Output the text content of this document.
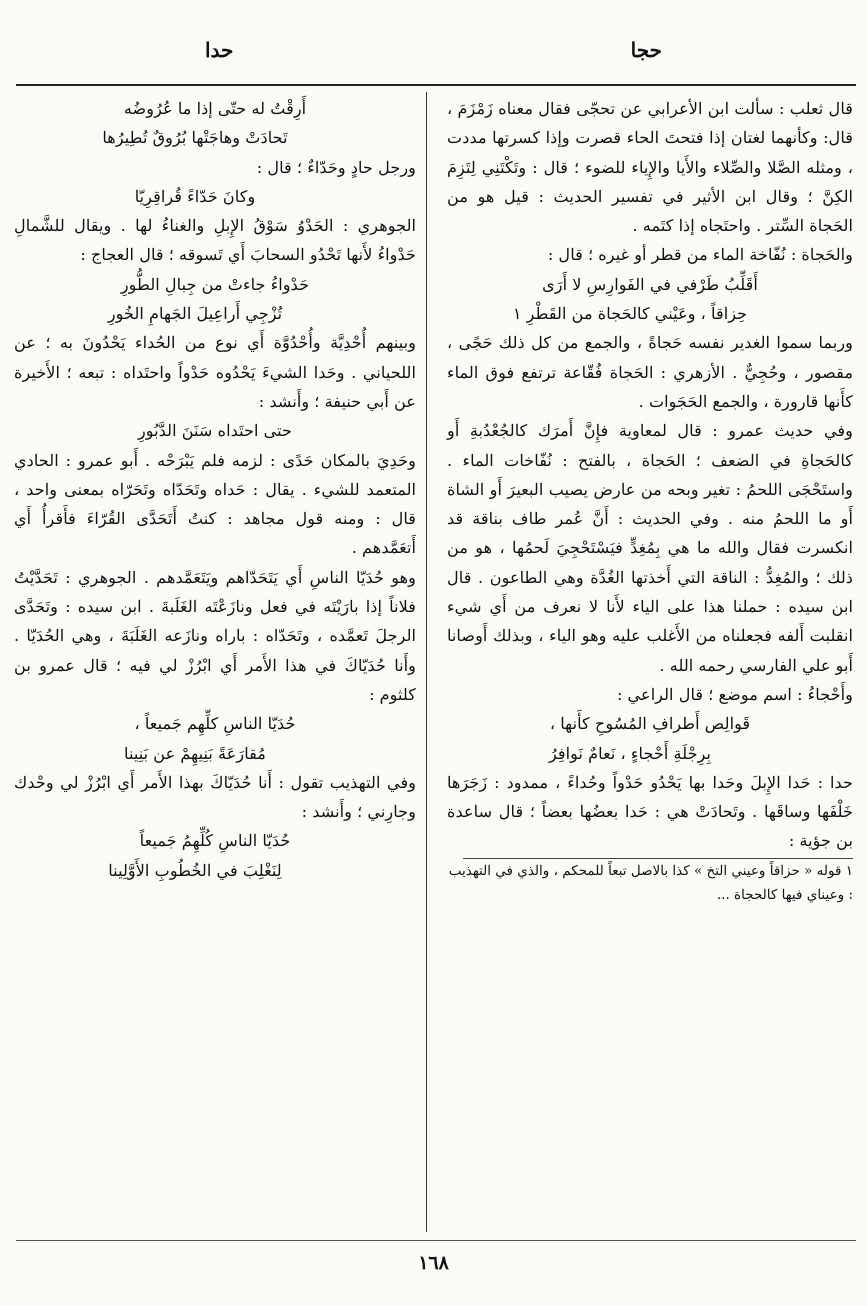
حجا
حدا

قال ثعلب : سألت ابن الأعرابي عن تحجّى فقال معناه زَمْزَمَ ، قال: وكأنهما لغتان إذا فتحتَ الحاء قصرت وإذا كسرتها مددت ، ومثله الصَّلا والصِّلاء والأَيا والإِياء للضوء ؛ قال : وتَكْتَنِي لِتَزِمَ الكِنَّ ؛ وقال ابن الأثير في تفسير الحديث : قيل هو من الحَجاة السِّتر . واحتَجاه إذا كتَمه .

والحَجاة : نُفّاخة الماء من قطر أو غيره ؛ قال :

أَقَلِّبُ طَرْفي في الفَوارِسِ لا أَرَى

حِزاقاً ، وعَيْني كالحَجاة من القَطْرِ ١

وربما سموا الغدير نفسه حَجاةً ، والجمع من كل ذلك حَجًى ، مقصور ، وحُجِيٌّ . الأزهري : الحَجاة فُقّاعة ترتفع فوق الماء كأَنها قارورة ، والجمع الحَجَوات .

وفي حديث عمرو : قال لمعاوية فإِنَّ أَمرَك كالجُعْدُبةِ أَو كالحَجاةِ في الضعف ؛ الحَجاة ، بالفتح : نُفّاخات الماء . واستَحْجَى اللحمُ : تغير وبحه من عارض يصيب البعيرَ أَو الشاة أَو ما اللحمُ منه . وفي الحديث : أَنَّ عُمر طاف بناقة قد انكسرت فقال والله ما هي بِمُغِدٍّ فيَسْتَحْجِيَ لَحمُها ، هو من ذلك ؛ والمُغِدُّ : الناقة التي أَخذتها الغُدَّة وهي الطاعون . قال ابن سيده : حملنا هذا على الياء لأَنا لا نعرف من أَي شيء انقلبت أَلفه فجعلناه من الأَغلب عليه وهو الياء ، وبذلك أَوصانا أَبو علي الفارسي رحمه الله .

وأَحْجاءُ : اسم موضع ؛ قال الراعي :

قَوالِص أَطرافِ المُسُوحِ كأَنها ،

بِرِجْلَةِ أَحْجاءٍ ، نَعامٌ نَوافِرُ

حدا : حَدا الإِبلَ وحَدا بها يَحْدُو حَدْواً وحُداءً ، ممدود : زَجَرَها خَلْفَها وساقَها . وتَحادَتْ هي : حَدا بعضُها بعضاً ؛ قال ساعدة بن جؤية :

١ قوله « حزاقاً وعيني التخ » كذا بالاصل تبعاً للمحكم ، والذي في التهذيب : وعيناي فيها كالحجاة ...

أَرِقْتُ له حتّى إذا ما عُرُوضُه

تَحادَتْ وهاجَتْها بُرُوقٌ تُطِيرُها

ورجل حادٍ وحَدّاءٌ ؛ قال :

وكانَ حَدّاءً قُراقِرِيّا

الجوهري : الحَدْوُ سَوْقُ الإِبلِ والغناءُ لها . ويقال للشَّمالِ حَدْواءُ لأَنها تَحْدُو السحابَ أَي تَسوقه ؛ قال العجاج :

حَدْواءُ جاءتْ من جِبالِ الطُّورِ

تُزْجِي أَراعِيلَ الجَهامِ الخُورِ

وبينهم أُحْدِيَّة وأُحْدُوَّة أَي نوع من الحُداء يَحْدُونَ به ؛ عن اللحياني . وحَدا الشيءَ يَحْدُوه حَدْواً واحتَداه : تبعه ؛ الأَخيرة عن أَبي حنيفة ؛ وأَنشد :

حتى احتَداه سَنَنَ الدَّبُورِ

وحَدِيَ بالمكان حَدًى : لزمه فلم يَبْرَحْه . أَبو عمرو : الحادي المتعمد للشيء . يقال : حَداه وتَحَدّاه وتَحَرّاه بمعنى واحد ، قال : ومنه قول مجاهد : كنتُ أَتَحَدَّى القُرّاءَ فأَقرأُ أَي أَتعَمَّدهم .

وهو حُدَيّا الناسِ أَي يَتَحَدّاهم ويَتَعَمَّدهم . الجوهري : تَحَدَّيْتُ فلاناً إذا بارَيْتَه في فعل ونازَعْتَه الغَلَبةَ . ابن سيده : وتَحَدَّى الرجلَ تَعمَّده ، وتَحَدّاه : باراه ونازَعه الغَلَبَةَ ، وهي الحُدَيّا . وأَنا حُدَيّاكَ في هذا الأَمر أَي ابْرُزْ لي فيه ؛ قال عمرو بن كلثوم :

حُدَيّا الناسِ كلِّهِم جَميعاً ،

مُقارَعَةً بَنِيهِمْ عن بَنِينا

وفي التهذيب تقول : أَنا حُدَيّاكَ بهذا الأَمر أَي ابْرُزْ لي وحْدك وجارِني ؛ وأَنشد :

حُدَيّا الناسِ كُلِّهِمُ جَميعاً

لِنَغْلِبَ في الخُطُوبِ الأَوَّلِينا

١٦٨
